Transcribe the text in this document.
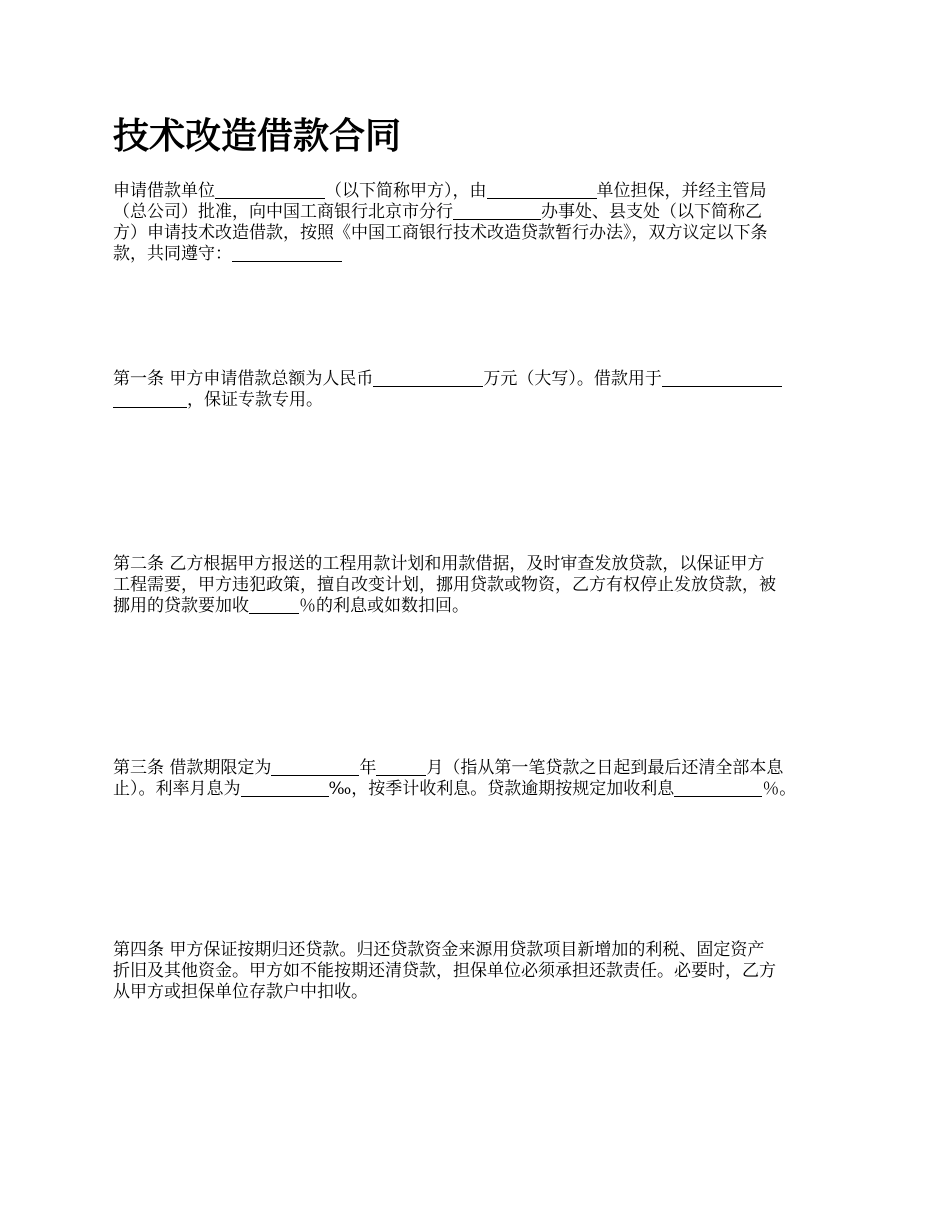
技术改造借款合同
申请借款单位	（以下简称甲方），由	单位担保，并经主管局
（总公司）批准，向中国工商银行北京市分行	办事处、县支处（以下简称乙
方）申请技术改造借款，按照《中国工商银行技术改造贷款暂行办法》，双方议定以下条
款，共同遵守：
第一条 甲方申请借款总额为人民币	万元（大写）。借款用于
，保证专款专用。
第二条 乙方根据甲方报送的工程用款计划和用款借据，及时审查发放贷款，以保证甲方
工程需要，甲方违犯政策，擅自改变计划，挪用贷款或物资，乙方有权停止发放贷款，被
挪用的贷款要加收	％的利息或如数扣回。
第三条 借款期限定为	年	月（指从第一笔贷款之日起到最后还清全部本息
止）。利率月息为	‰，按季计收利息。贷款逾期按规定加收利息	％。
第四条 甲方保证按期归还贷款。归还贷款资金来源用贷款项目新增加的利税、固定资产
折旧及其他资金。甲方如不能按期还清贷款，担保单位必须承担还款责任。必要时，乙方
从甲方或担保单位存款户中扣收。
